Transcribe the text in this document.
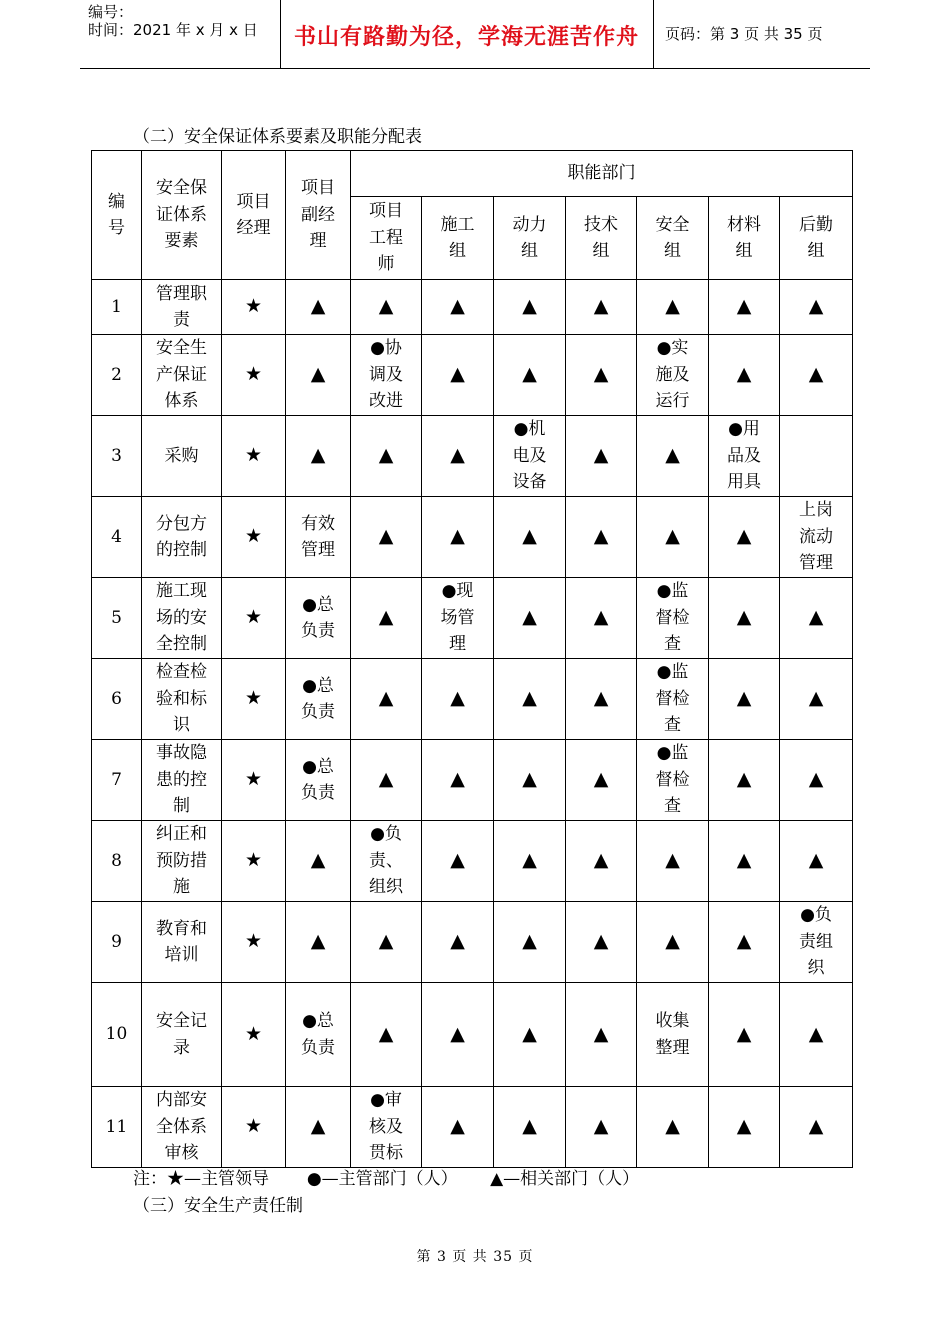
编号：
时间：2021 年 x 月 x 日	书山有路勤为径，学海无涯苦作舟	页码：第 3 页 共 35 页
（二）安全保证体系要素及职能分配表
编号	安全保证体系要素	项目经理	项目副经理	职能部门						
				项目工程师	施工组	动力组	技术组	安全组	材料组	后勤组
1	管理职责	★	▲	▲	▲	▲	▲	▲	▲	▲
2	安全生产保证体系	★	▲	●协调及改进	▲	▲	▲	●实施及运行	▲	▲
3	采购	★	▲	▲	▲	●机电及设备	▲	▲	●用品及用具	
4	分包方的控制	★	有效管理	▲	▲	▲	▲	▲	▲	上岗流动管理
5	施工现场的安全控制	★	●总负责	▲	●现场管理	▲	▲	●监督检查	▲	▲
6	检查检验和标识	★	●总负责	▲	▲	▲	▲	●监督检查	▲	▲
7	事故隐患的控制	★	●总负责	▲	▲	▲	▲	●监督检查	▲	▲
8	纠正和预防措施	★	▲	●负责、组织	▲	▲	▲	▲	▲	▲
9	教育和培训	★	▲	▲	▲	▲	▲	▲	▲	●负责组织
10	安全记录	★	●总负责	▲	▲	▲	▲	收集整理	▲	▲
11	内部安全体系审核	★	▲	●审核及贯标	▲	▲	▲	▲	▲	▲
注：★—主管领导       ●—主管部门（人）      ▲—相关部门（人）
（三）安全生产责任制
第 3 页 共 35 页
